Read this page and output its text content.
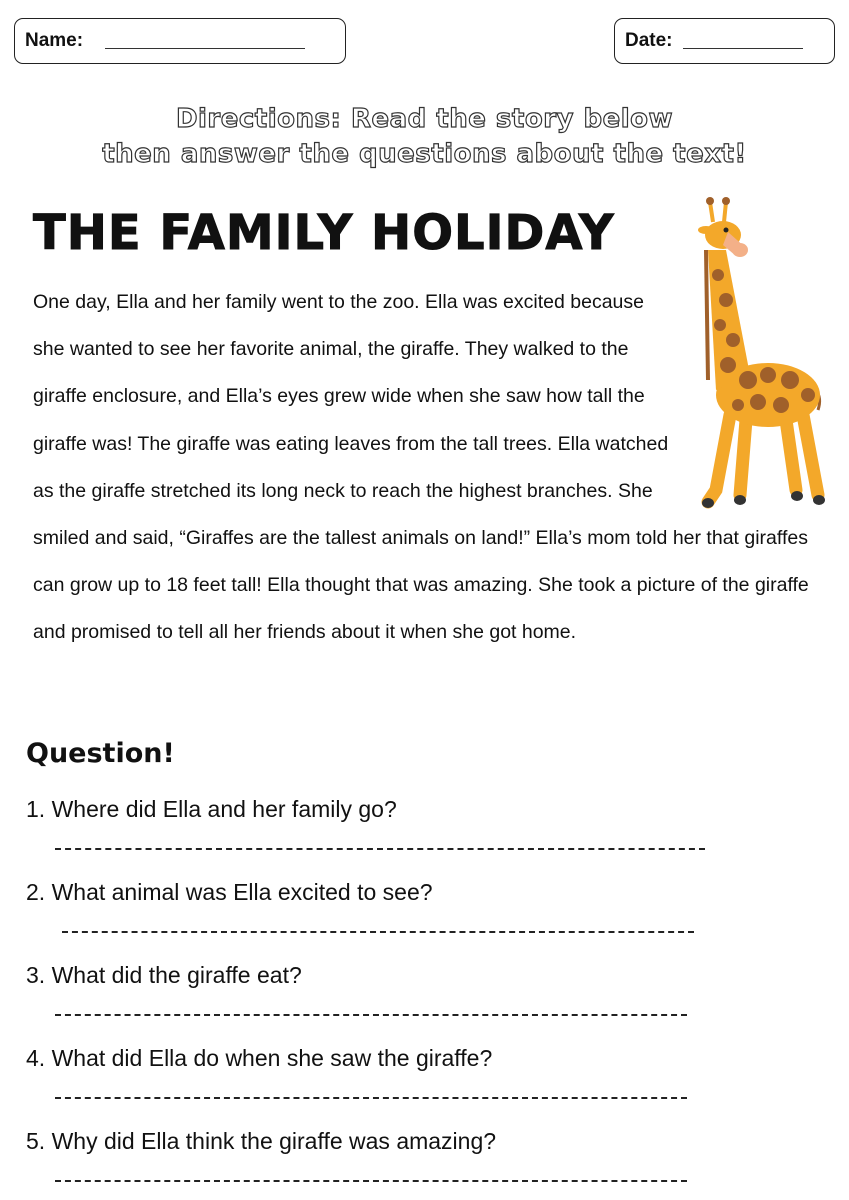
Name:	Date:
Directions: Read the story below
then answer the questions about the text!
THE FAMILY HOLIDAY

One day, Ella and her family went to the zoo. Ella was excited because she wanted to see her favorite animal, the giraffe. They walked to the giraffe enclosure, and Ella’s eyes grew wide when she saw how tall the giraffe was! The giraffe was eating leaves from the tall trees. Ella watched as the giraffe stretched its long neck to reach the highest branches. She smiled and said, “Giraffes are the tallest animals on land!” Ella’s mom told her that giraffes can grow up to 18 feet tall! Ella thought that was amazing. She took a picture of the giraffe and promised to tell all her friends about it when she got home.

Question!

1. Where did Ella and her family go?

2. What animal was Ella excited to see?

3. What did the giraffe eat?

4. What did Ella do when she saw the giraffe?

5. Why did Ella think the giraffe was amazing?
